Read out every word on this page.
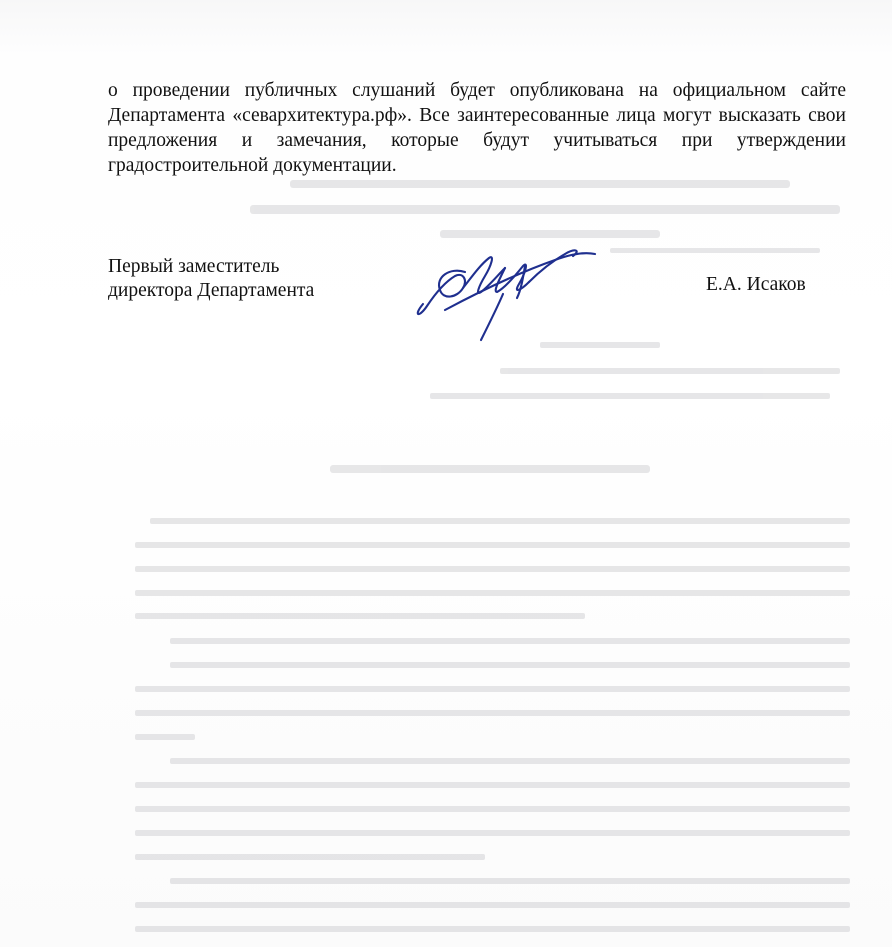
о проведении публичных слушаний будет опубликована на официальном сайте Департамента «севархитектура.рф». Все заинтересованные лица могут высказать свои предложения и замечания, которые будут учитываться при утверждении градостроительной документации.

Первый заместитель
директора Департамента	Е.А. Исаков
